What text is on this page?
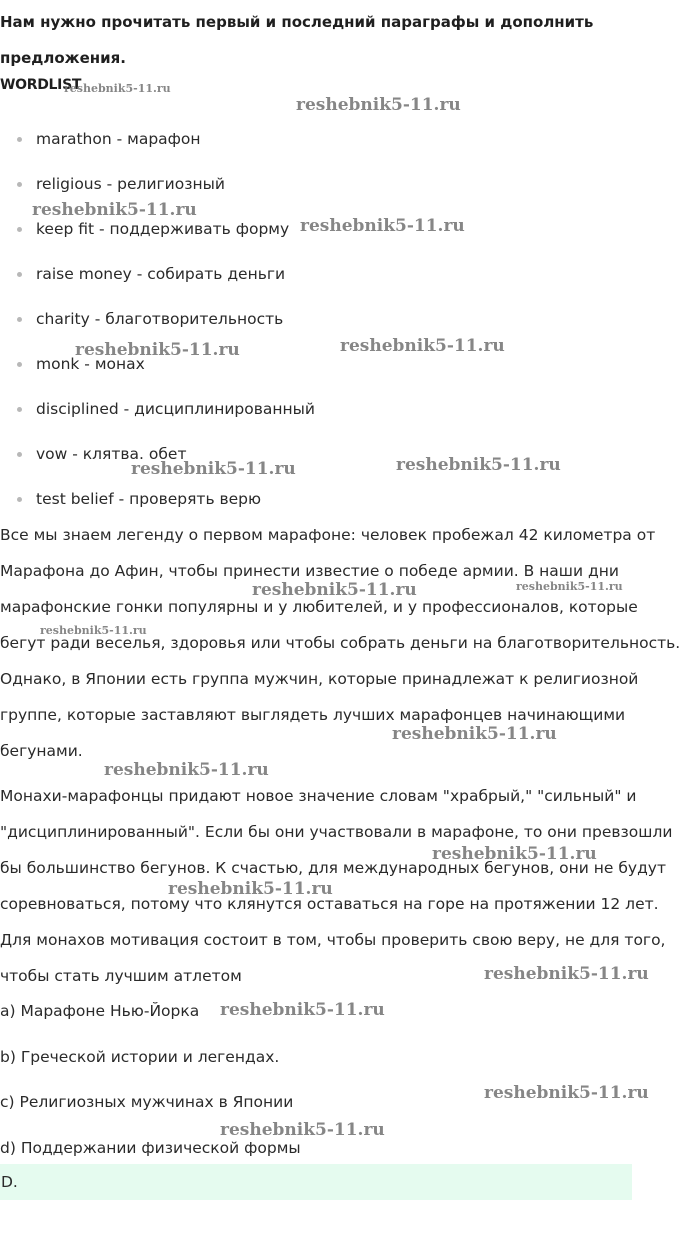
Нам нужно прочитать первый и последний параграфы и дополнить предложения.

WORDLIST

marathon - марафон
religious - религиозный
keep fit - поддерживать форму
raise money - собирать деньги
charity - благотворительность
monk - монах
disciplined - дисциплинированный
vow - клятва. обет
test belief - проверять верю

Все мы знаем легенду о первом марафоне: человек пробежал 42 километра от Марафона до Афин, чтобы принести известие о победе армии. В наши дни марафонские гонки популярны и у любителей, и у профессионалов, которые бегут ради веселья, здоровья или чтобы собрать деньги на благотворительность. Однако, в Японии есть группа мужчин, которые принадлежат к религиозной группе, которые заставляют выглядеть лучших марафонцев начинающими бегунами.

Монахи-марафонцы придают новое значение словам "храбрый," "сильный" и "дисциплинированный". Если бы они участвовали в марафоне, то они превзошли бы большинство бегунов. К счастью, для международных бегунов, они не будут соревноваться, потому что клянутся оставаться на горе на протяжении 12 лет. Для монахов мотивация состоит в том, чтобы проверить свою веру, не для того, чтобы стать лучшим атлетом

a) Марафоне Нью-Йорка
b) Греческой истории и легендах.
c) Религиозных мужчинах в Японии
d) Поддержании физической формы
D.
reshebnik5-11.ru
reshebnik5-11.ru
reshebnik5-11.ru
reshebnik5-11.ru
reshebnik5-11.ru	reshebnik5-11.ru
reshebnik5-11.ru	reshebnik5-11.ru
reshebnik5-11.ru	reshebnik5-11.ru
reshebnik5-11.ru
reshebnik5-11.ru
reshebnik5-11.ru
reshebnik5-11.ru
reshebnik5-11.ru
reshebnik5-11.ru
reshebnik5-11.ru
reshebnik5-11.ru
reshebnik5-11.ru
